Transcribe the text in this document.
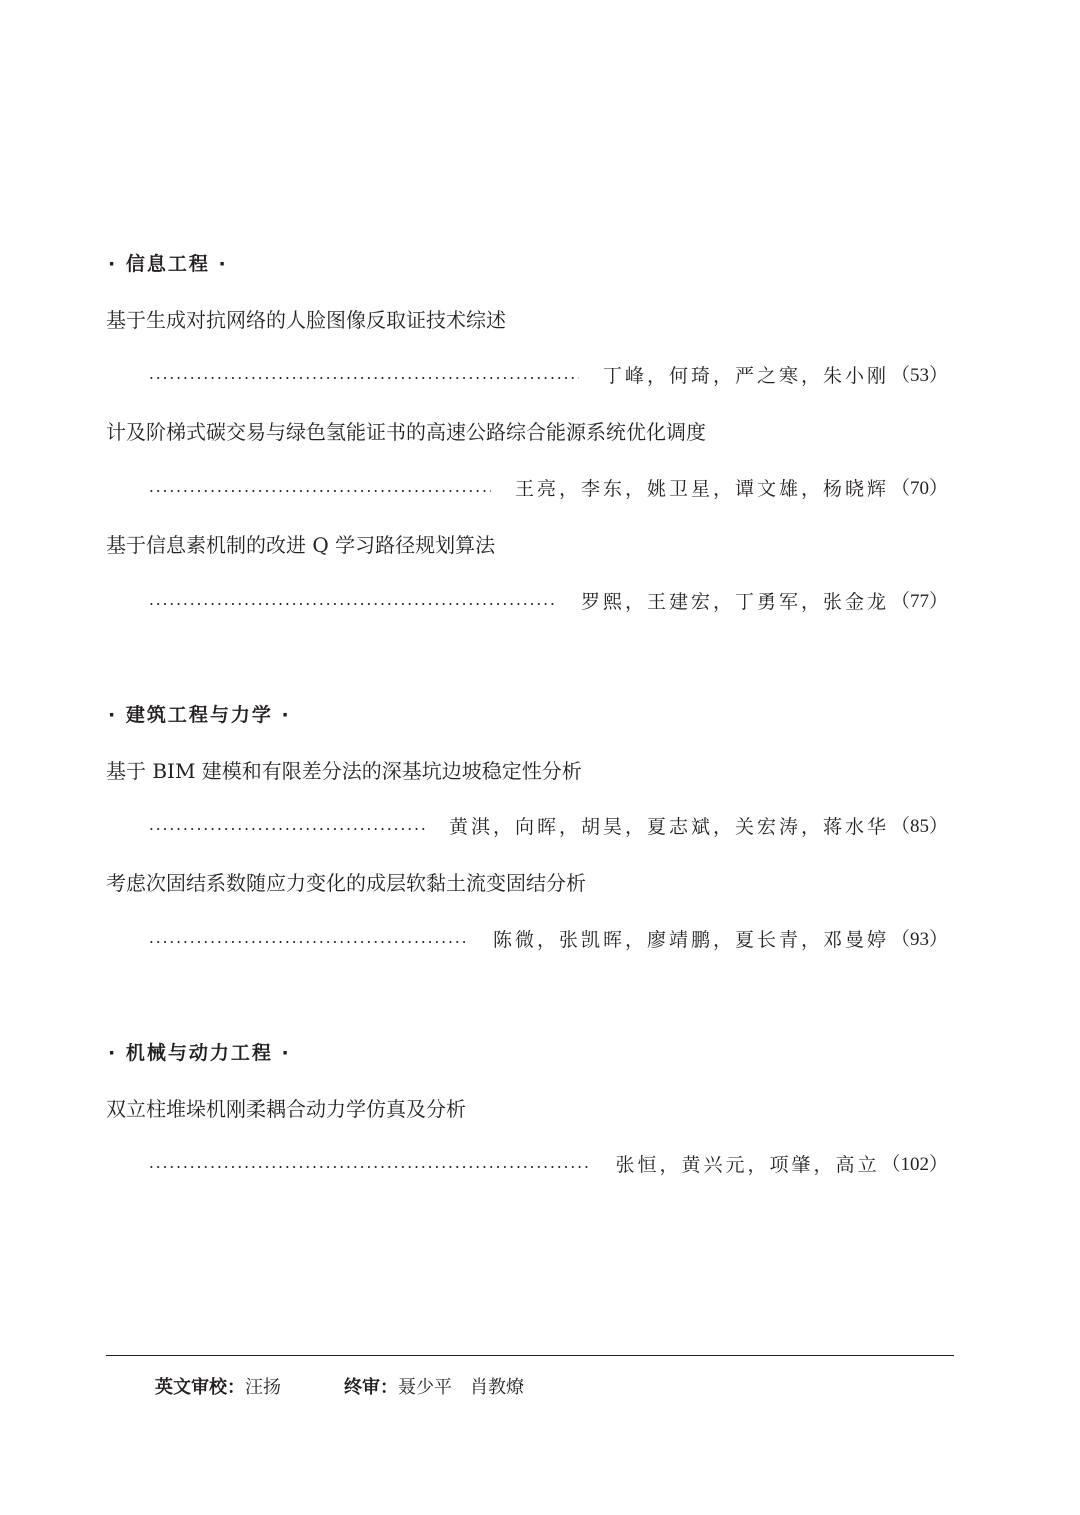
· 信息工程 ·
基于生成对抗网络的人脸图像反取证技术综述
丁峰，何琦，严之寒，朱小刚 （53）
计及阶梯式碳交易与绿色氢能证书的高速公路综合能源系统优化调度
王亮，李东，姚卫星，谭文雄，杨晓辉 （70）
基于信息素机制的改进 Q 学习路径规划算法
罗熙，王建宏，丁勇军，张金龙 （77）
· 建筑工程与力学 ·
基于 BIM 建模和有限差分法的深基坑边坡稳定性分析
黄淇，向晖，胡昊，夏志斌，关宏涛，蒋水华 （85）
考虑次固结系数随应力变化的成层软黏土流变固结分析
陈微，张凯晖，廖靖鹏，夏长青，邓曼婷 （93）
· 机械与动力工程 ·
双立柱堆垛机刚柔耦合动力学仿真及分析
张恒，黄兴元，项肇，高立 （102）
英文审校：汪扬	终审：聂少平　肖教燎
